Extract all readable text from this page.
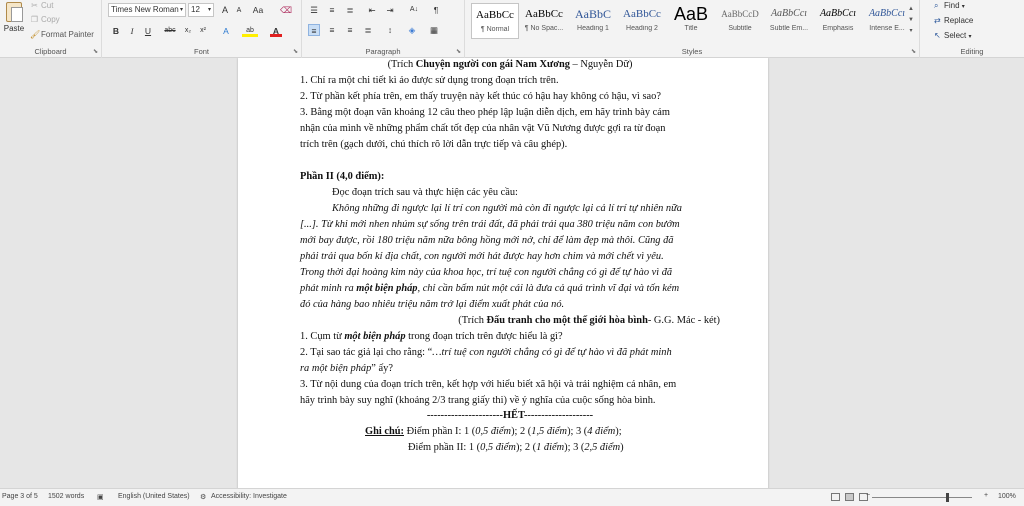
Paste
✂ Cut
❐ Copy
🖌Format Painter
Clipboard	⬊
Times New Roman ▾	12 ▾	A	A	Aa	⌫
B	I	U	abc	x₂	x²	A	ab	A
Font	⬊
☰	≡	≣ ⇤ ⇥	A↓	¶
≡	≡	≡	≣	↕	◈	▦
Paragraph	⬊
AaBbCc
¶ Normal
AaBbCc
¶ No Spac...
AaBbC
Heading 1
AaBbCc
Heading 2
AaB
Title
AaBbCcD
Subtitle
AaBbCcı
Subtle Em...
AaBbCcı
Emphasis
AaBbCcı
Intense E...
▲
▼
▾
Styles	⬊
⌕ Find ▾
⇄ Replace
↖ Select ▾
Editing
(Trích Chuyện người con gái Nam Xương – Nguyễn Dữ)
1. Chỉ ra một chi tiết kì ảo được sử dụng trong đoạn trích trên.
2. Từ phần kết phía trên, em thấy truyện này kết thúc có hậu hay không có hậu, vì sao?
3. Bằng một đoạn văn khoảng 12 câu theo phép lập luận diễn dịch, em hãy trình bày cảm
nhận của mình về những phẩm chất tốt đẹp của nhân vật Vũ Nương được gợi ra từ đoạn
trích trên (gạch dưới, chú thích rõ lời dẫn trực tiếp và câu ghép).
Phần II (4,0 điểm):
Đọc đoạn trích sau và thực hiện các yêu cầu:
Không những đi ngược lại lí trí con người mà còn đi ngược lại cả lí trí tự nhiên nữa
[...]. Từ khi mới nhen nhúm sự sống trên trái đất, đã phải trải qua 380 triệu năm con bướm
mới bay được, rồi 180 triệu năm nữa bông hồng mới nở, chỉ để làm đẹp mà thôi. Cũng đã
phải trải qua bốn kỉ địa chất, con người mới hát được hay hơn chim và mới chết vì yêu.
Trong thời đại hoàng kim này của khoa học, trí tuệ con người chẳng có gì để tự hào vì đã
phát minh ra một biện pháp, chỉ cần bấm nút một cái là đưa cả quá trình vĩ đại và tốn kém
đó của hàng bao nhiêu triệu năm trở lại điểm xuất phát của nó.
(Trích Đấu tranh cho một thế giới hòa bình- G.G. Mác - két)
1. Cụm từ một biện pháp trong đoạn trích trên được hiểu là gì?
2. Tại sao tác giả lại cho rằng: “…trí tuệ con người chẳng có gì để tự hào vì đã phát minh
ra một biện pháp” ấy?
3. Từ nội dung của đoạn trích trên, kết hợp với hiểu biết xã hội và trải nghiệm cá nhân, em
hãy trình bày suy nghĩ (khoảng 2/3 trang giấy thi) về ý nghĩa của cuộc sống hòa bình.
----------------------HẾT--------------------
Ghi chú: Điểm phần I: 1 (0,5 điểm); 2 (1,5 điểm); 3 (4 điểm);
Điểm phần II: 1 (0,5 điểm); 2 (1 điểm); 3 (2,5 điểm)
Page 3 of 5 1502 words ▣ English (United States) ⚙ Accessibility: Investigate	−	+ 100%
